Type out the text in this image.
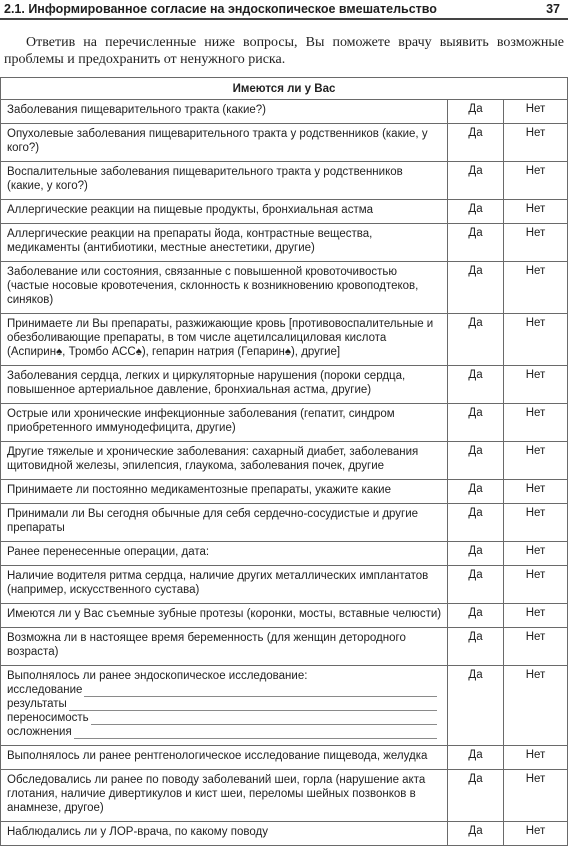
2.1. Информированное согласие на эндоскопическое вмешательство	37

Ответив на перечисленные ниже вопросы, Вы поможете врачу выявить возможные проблемы и предохранить от ненужного риска.

Имеются ли у Вас		

Заболевания пищеварительного тракта (какие?)	Да	Нет

Опухолевые заболевания пищеварительного тракта у родственников (какие, у кого?)	Да	Нет

Воспалительные заболевания пищеварительного тракта у родственников (какие, у кого?)	Да	Нет

Аллергические реакции на пищевые продукты, бронхиальная астма	Да	Нет

Аллергические реакции на препараты йода, контрастные вещества, медикаменты (антибиотики, местные анестетики, другие)	Да	Нет

Заболевание или состояния, связанные с повышенной кровоточивостью (частые носовые кровотечения, склонность к возникновению кровоподтеков, синяков)	Да	Нет

Принимаете ли Вы препараты, разжижающие кровь [противовоспалительные и обезболивающие препараты, в том числе ацетилсалициловая кислота (Аспирин♠, Тромбо АСС♠), гепарин натрия (Гепарин♠), другие]	Да	Нет

Заболевания сердца, легких и циркуляторные нарушения (пороки сердца, повышенное артериальное давление, бронхиальная астма, другие)	Да	Нет

Острые или хронические инфекционные заболевания (гепатит, синдром приобретенного иммунодефицита, другие)	Да	Нет

Другие тяжелые и хронические заболевания: сахарный диабет, заболевания щитовидной железы, эпилепсия, глаукома, заболевания почек, другие	Да	Нет

Принимаете ли постоянно медикаментозные препараты, укажите какие	Да	Нет

Принимали ли Вы сегодня обычные для себя сердечно-сосудистые и другие препараты	Да	Нет

Ранее перенесенные операции, дата:	Да	Нет

Наличие водителя ритма сердца, наличие других металлических имплантатов (например, искусственного сустава)	Да	Нет

Имеются ли у Вас съемные зубные протезы (коронки, мосты, вставные челюсти)	Да	Нет

Возможна ли в настоящее время беременность (для женщин детородного возраста)	Да	Нет

Выполнялось ли ранее эндоскопическое исследование:
исследование
результаты
переносимость
осложнения	Да	Нет

Выполнялось ли ранее рентгенологическое исследование пищевода, желудка	Да	Нет

Обследовались ли ранее по поводу заболеваний шеи, горла (нарушение акта глотания, наличие дивертикулов и кист шеи, переломы шейных позвонков в анамнезе, другое)	Да	Нет

Наблюдались ли у ЛОР-врача, по какому поводу	Да	Нет
